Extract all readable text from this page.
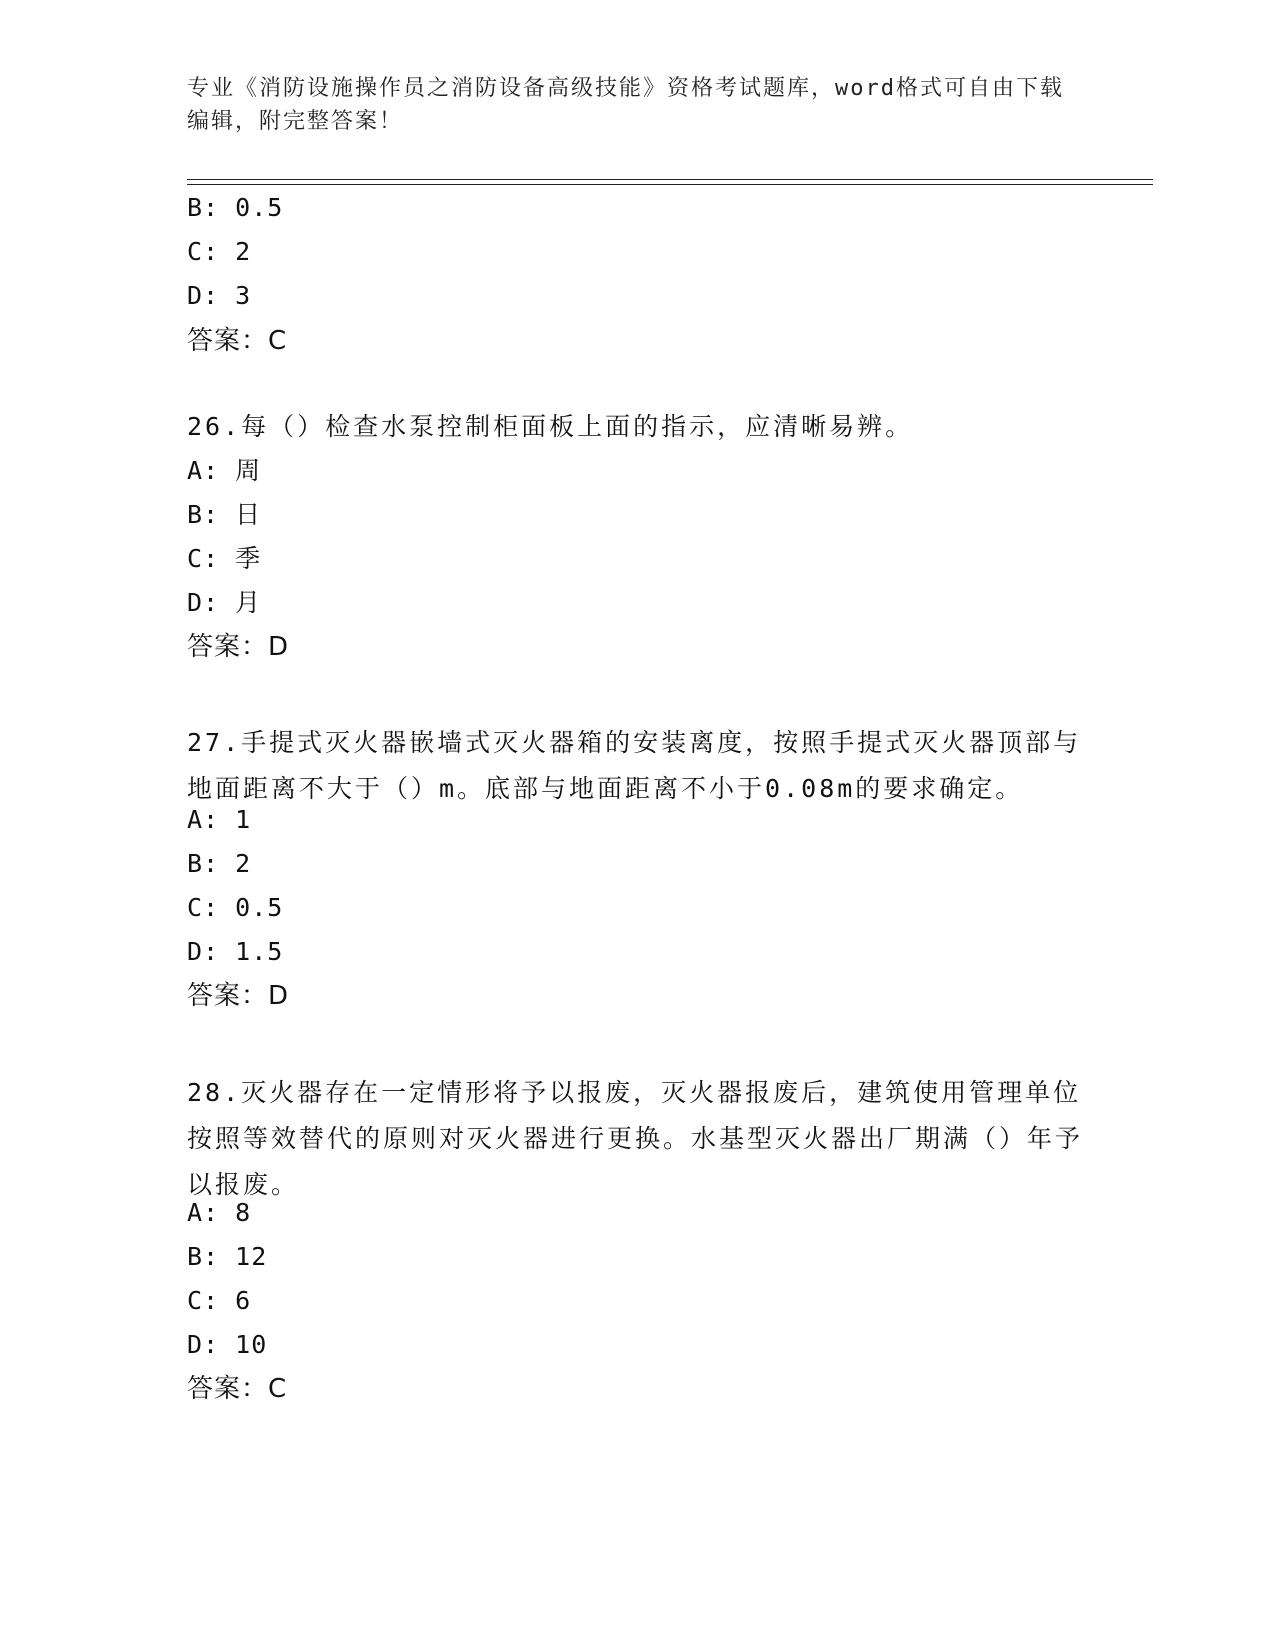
专业《消防设施操作员之消防设备高级技能》资格考试题库，word格式可自由下载编辑，附完整答案！
B: 0.5
C: 2
D: 3
答案：C
26.每（）检查水泵控制柜面板上面的指示，应清晰易辨。
A: 周
B: 日
C: 季
D: 月
答案：D
27.手提式灭火器嵌墙式灭火器箱的安装离度，按照手提式灭火器顶部与地面距离不大于（）m。底部与地面距离不小于0.08m的要求确定。
A: 1
B: 2
C: 0.5
D: 1.5
答案：D
28.灭火器存在一定情形将予以报废，灭火器报废后，建筑使用管理单位按照等效替代的原则对灭火器进行更换。水基型灭火器出厂期满（）年予以报废。
A: 8
B: 12
C: 6
D: 10
答案：C
